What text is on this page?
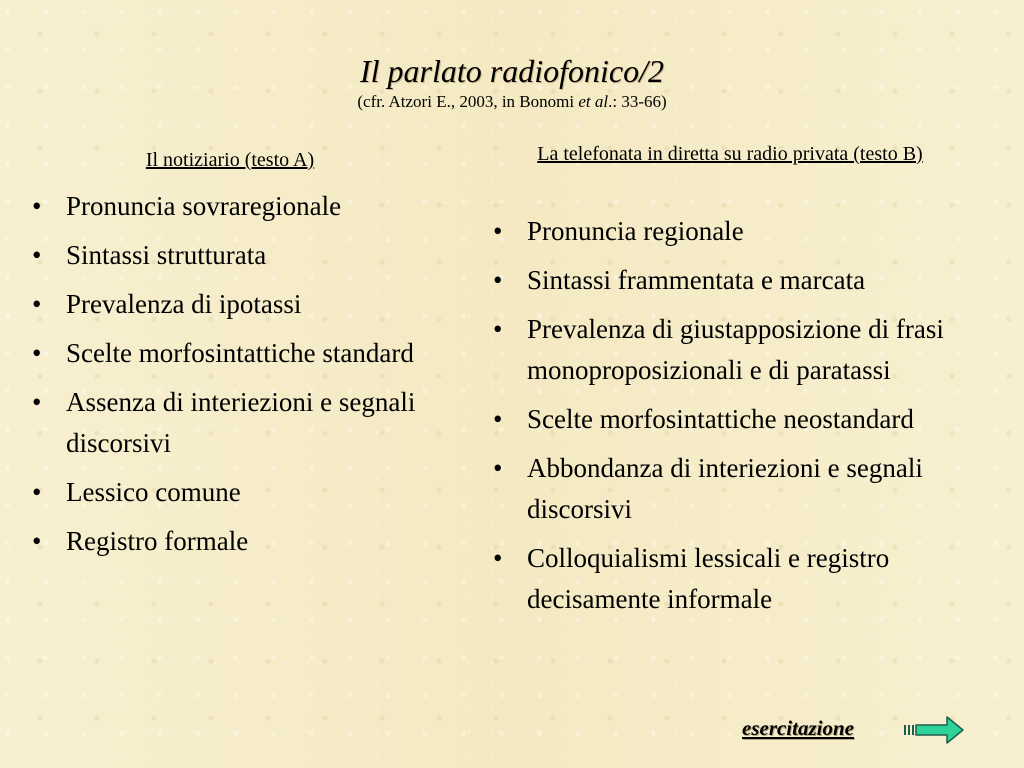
Il parlato radiofonico/2
(cfr. Atzori E., 2003, in Bonomi et al.: 33-66)
Il notiziario (testo A)	La telefonata in diretta su radio privata (testo B)
• Pronuncia sovraregionale
• Sintassi strutturata
• Prevalenza di ipotassi
• Scelte morfosintattiche standard
• Assenza di interiezioni e segnali discorsivi
• Lessico comune
• Registro formale
• Pronuncia regionale
• Sintassi frammentata e marcata
• Prevalenza di giustapposizione di frasi monoproposizionali e di paratassi
• Scelte morfosintattiche neostandard
• Abbondanza di interiezioni e segnali discorsivi
• Colloquialismi lessicali e registro decisamente informale
esercitazione
